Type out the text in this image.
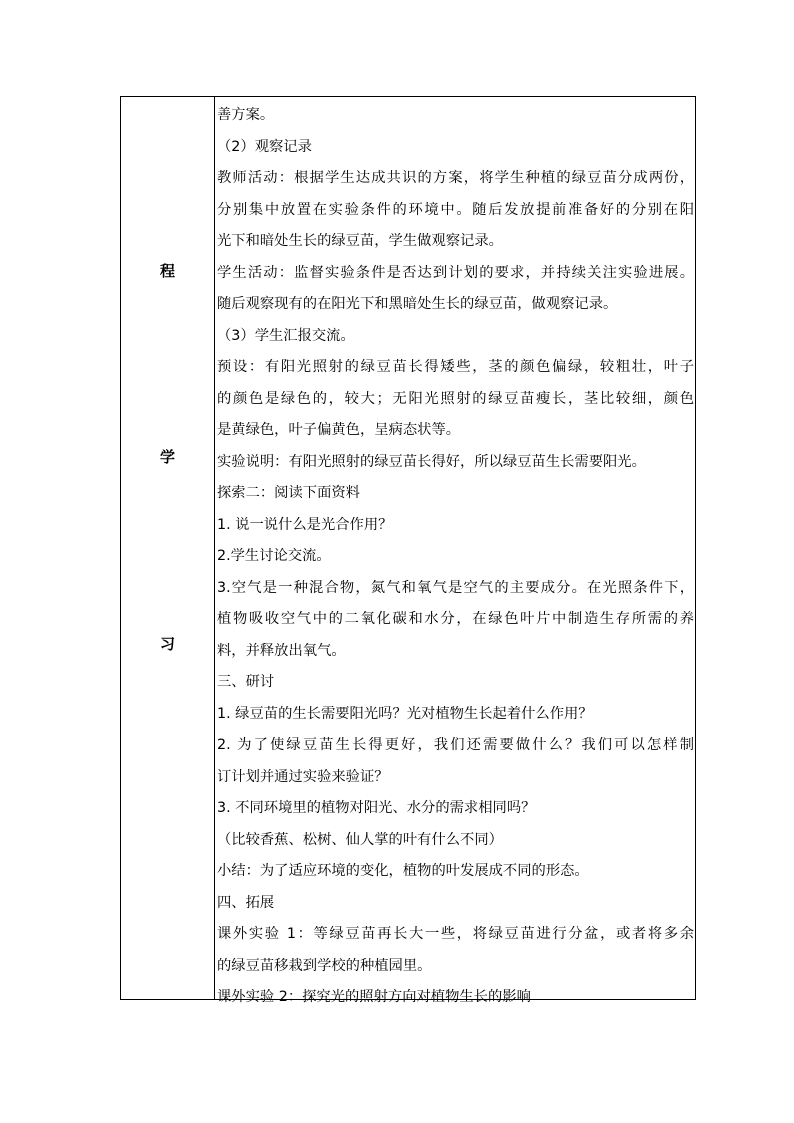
程
学
习
善方案。
（2）观察记录
教师活动：根据学生达成共识的方案，将学生种植的绿豆苗分成两份，
分别集中放置在实验条件的环境中。随后发放提前准备好的分别在阳
光下和暗处生长的绿豆苗，学生做观察记录。
学生活动：监督实验条件是否达到计划的要求，并持续关注实验进展。
随后观察现有的在阳光下和黑暗处生长的绿豆苗，做观察记录。
（3）学生汇报交流。
预设：有阳光照射的绿豆苗长得矮些，茎的颜色偏绿，较粗壮，叶子
的颜色是绿色的，较大；无阳光照射的绿豆苗瘦长，茎比较细，颜色
是黄绿色，叶子偏黄色，呈病态状等。
实验说明：有阳光照射的绿豆苗长得好，所以绿豆苗生长需要阳光。
探索二：阅读下面资料
1. 说一说什么是光合作用？
2.学生讨论交流。
3.空气是一种混合物，氮气和氧气是空气的主要成分。在光照条件下，
植物吸收空气中的二氧化碳和水分，在绿色叶片中制造生存所需的养
料，并释放出氧气。
三、研讨
1. 绿豆苗的生长需要阳光吗？光对植物生长起着什么作用？
2. 为了使绿豆苗生长得更好，我们还需要做什么？我们可以怎样制
订计划并通过实验来验证？
3. 不同环境里的植物对阳光、水分的需求相同吗？
（比较香蕉、松树、仙人掌的叶有什么不同）
小结：为了适应环境的变化，植物的叶发展成不同的形态。
四、拓展
课外实验 1：等绿豆苗再长大一些，将绿豆苗进行分盆，或者将多余
的绿豆苗移栽到学校的种植园里。
课外实验 2：探究光的照射方向对植物生长的影响
